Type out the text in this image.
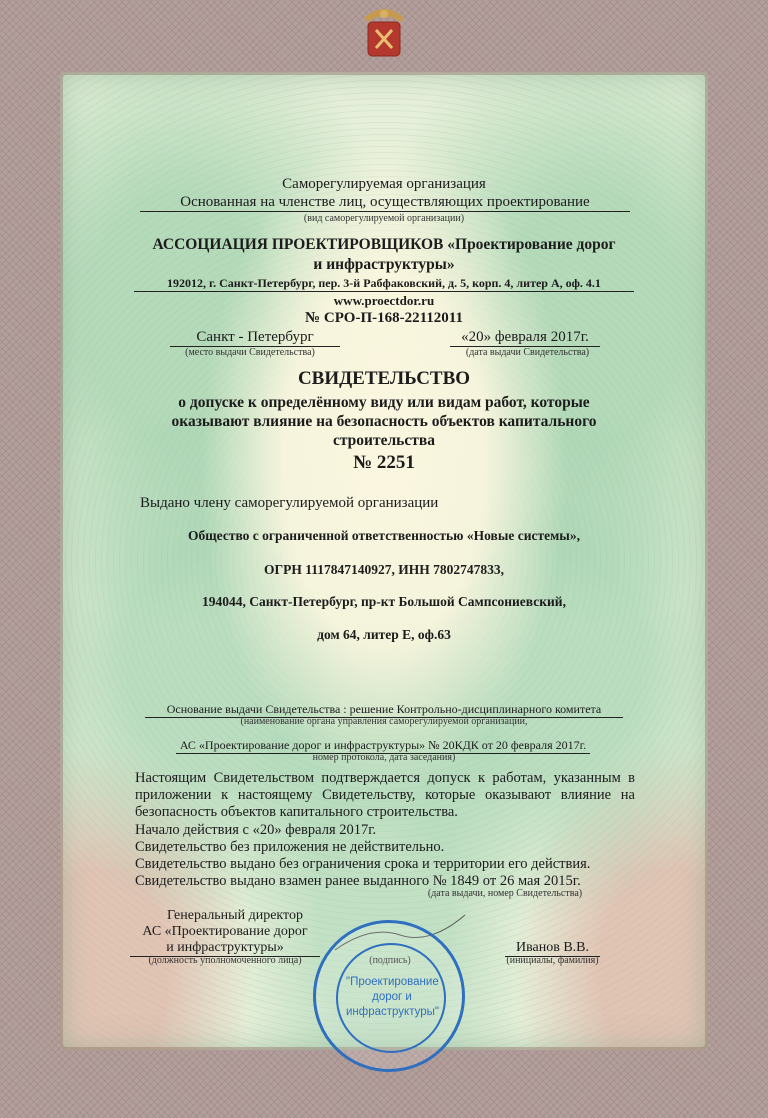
Саморегулируемая организация
Основанная на членстве лиц, осуществляющих проектирование
(вид саморегулируемой организации)
АССОЦИАЦИЯ ПРОЕКТИРОВЩИКОВ «Проектирование дорог
и инфраструктуры»
192012, г. Санкт-Петербург, пер. 3-й Рабфаковский, д. 5, корп. 4, литер А, оф. 4.1
www.proectdor.ru
№ СРО-П-168-22112011
Санкт - Петербург
(место выдачи Свидетельства)
«20» февраля 2017г.
(дата выдачи Свидетельства)
СВИДЕТЕЛЬСТВО
о допуске к определённому виду или видам работ, которые
оказывают влияние на безопасность объектов капитального
строительства
№ 2251
Выдано члену саморегулируемой организации
Общество с ограниченной ответственностью «Новые системы»,
ОГРН 1117847140927, ИНН 7802747833,
194044, Санкт-Петербург, пр-кт Большой Сампсониевский,
дом 64, литер Е, оф.63
Основание выдачи Свидетельства : решение Контрольно-дисциплинарного комитета
(наименование органа управления саморегулируемой организации,
АС «Проектирование дорог и инфраструктуры» № 20КДК от 20 февраля 2017г.
номер протокола, дата заседания)
Настоящим Свидетельством подтверждается допуск к работам, указанным в приложении к настоящему Свидетельству, которые оказывают влияние на безопасность объектов капитального строительства.
Начало действия с «20» февраля 2017г.
Свидетельство без приложения не действительно.
Свидетельство выдано без ограничения срока и территории его действия.
Свидетельство выдано взамен ранее выданного № 1849 от 26 мая 2015г.
(дата выдачи, номер Свидетельства)
Генеральный директор
АС «Проектирование дорог
и инфраструктуры»
(должность уполномоченного лица)	(подпись)
Иванов В.В.
(инициалы, фамилия)
"Проектирование
дорог и
инфраструктуры"
